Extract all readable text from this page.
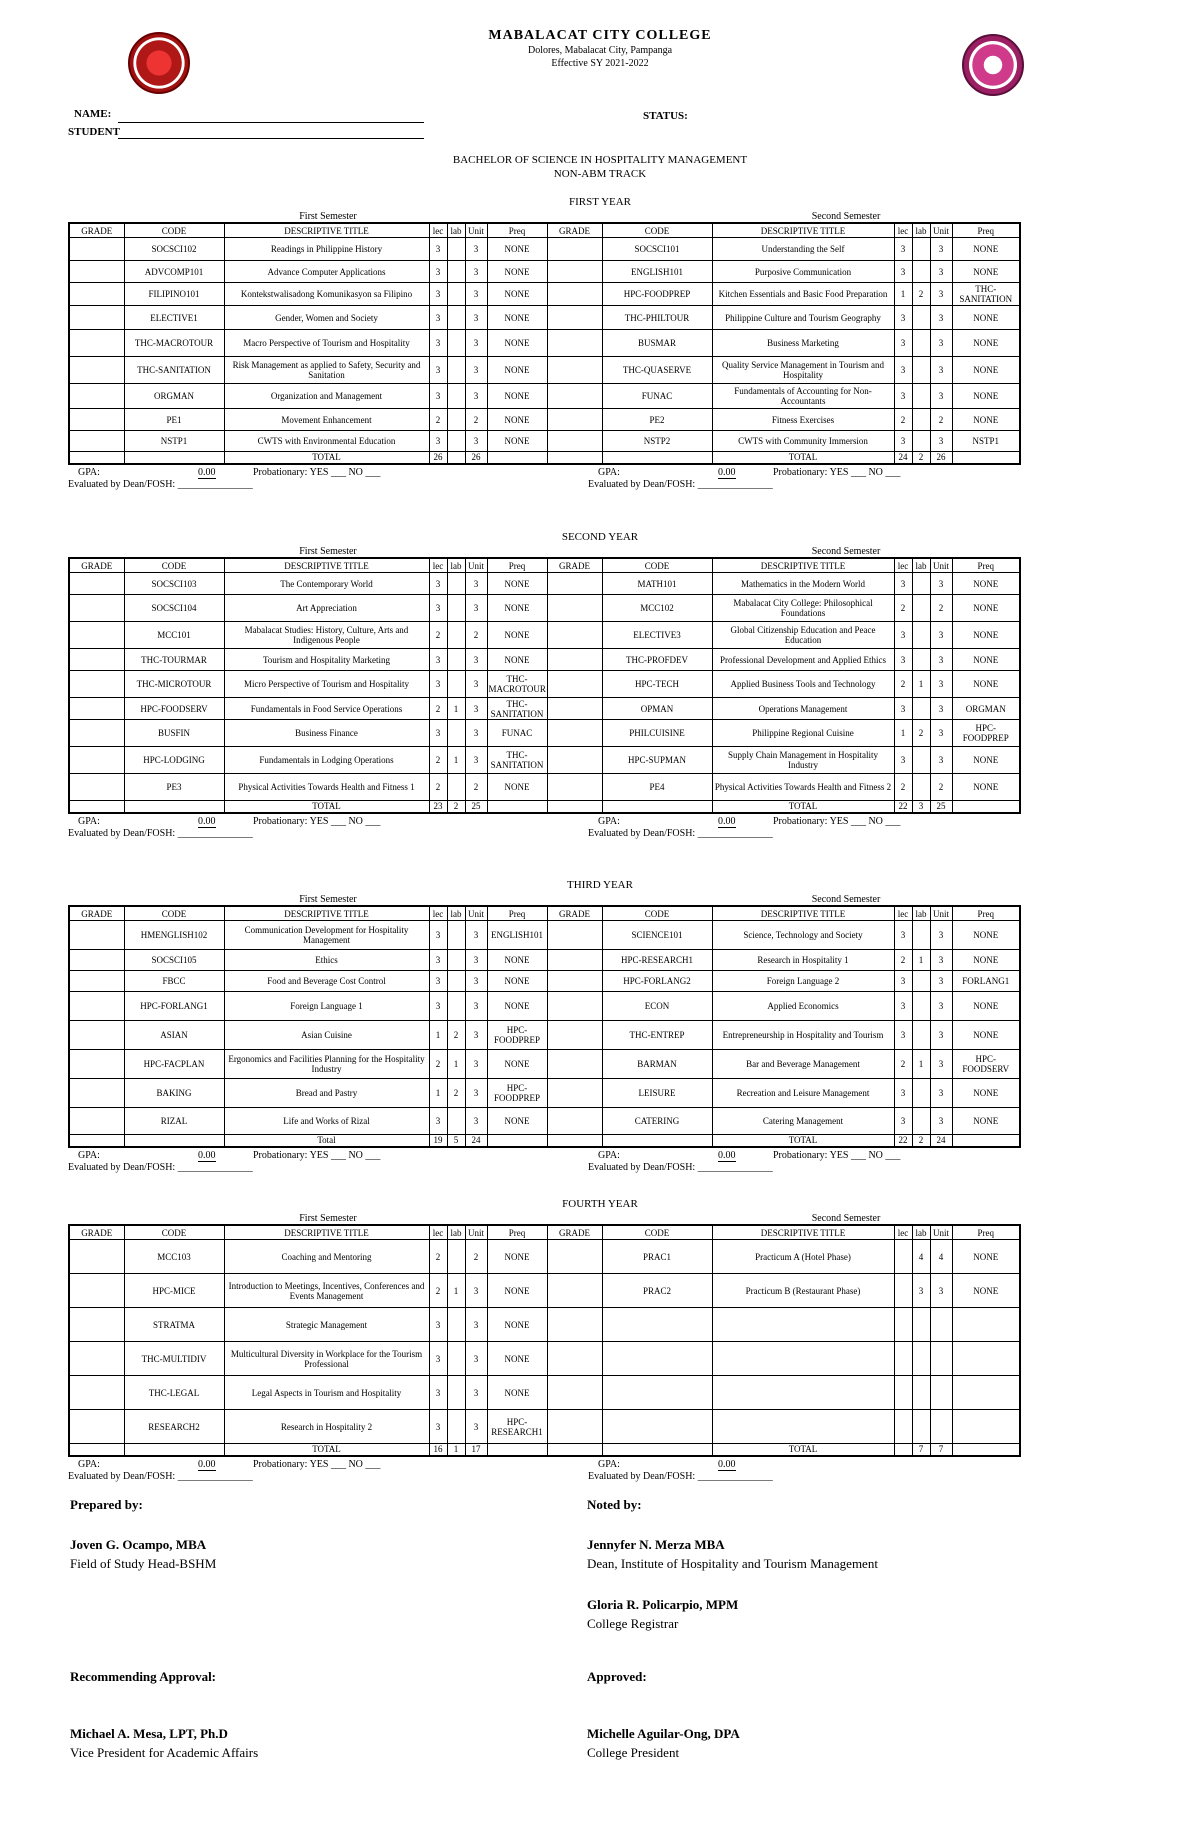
MABALACAT CITY COLLEGE
Dolores, Mabalacat City, Pampanga
Effective SY 2021-2022
NAME:
STUDENT
STATUS:
BACHELOR OF SCIENCE IN HOSPITALITY MANAGEMENT
NON-ABM TRACK
FIRST YEAR
First Semester	Second Semester
GRADE	CODE	DESCRIPTIVE TITLE	lec	lab	Unit	Preq	GRADE	CODE	DESCRIPTIVE TITLE	lec	lab	Unit	Preq
	SOCSCI102	Readings in Philippine History	3		3	NONE		SOCSCI101	Understanding the Self	3		3	NONE
	ADVCOMP101	Advance Computer Applications	3		3	NONE		ENGLISH101	Purposive Communication	3		3	NONE
	FILIPINO101	Kontekstwalisadong Komunikasyon sa Filipino	3		3	NONE		HPC-FOODPREP	Kitchen Essentials and Basic Food Preparation	1	2	3	THC-SANITATION
	ELECTIVE1	Gender, Women and Society	3		3	NONE		THC-PHILTOUR	Philippine Culture and Tourism Geography	3		3	NONE
	THC-MACROTOUR	Macro Perspective of Tourism and Hospitality	3		3	NONE		BUSMAR	Business Marketing	3		3	NONE
	THC-SANITATION	Risk Management as applied to Safety, Security and Sanitation	3		3	NONE		THC-QUASERVE	Quality Service Management in Tourism and Hospitality	3		3	NONE
	ORGMAN	Organization and Management	3		3	NONE		FUNAC	Fundamentals of Accounting for Non-Accountants	3		3	NONE
	PE1	Movement Enhancement	2		2	NONE		PE2	Fitness Exercises	2		2	NONE
	NSTP1	CWTS with Environmental Education	3		3	NONE		NSTP2	CWTS with Community Immersion	3		3	NSTP1
		TOTAL	26		26				TOTAL	24	2	26	
GPA:	0.00	Probationary: YES ___ NO ___
Evaluated by Dean/FOSH: _______________
GPA:	0.00	Probationary: YES ___ NO ___
Evaluated by Dean/FOSH: _______________
SECOND YEAR
First Semester	Second Semester
GRADE	CODE	DESCRIPTIVE TITLE	lec	lab	Unit	Preq	GRADE	CODE	DESCRIPTIVE TITLE	lec	lab	Unit	Preq
	SOCSCI103	The Contemporary World	3		3	NONE		MATH101	Mathematics in the Modern World	3		3	NONE
	SOCSCI104	Art Appreciation	3		3	NONE		MCC102	Mabalacat City College: Philosophical Foundations	2		2	NONE
	MCC101	Mabalacat Studies: History, Culture, Arts and Indigenous People	2		2	NONE		ELECTIVE3	Global Citizenship Education and Peace Education	3		3	NONE
	THC-TOURMAR	Tourism and Hospitality Marketing	3		3	NONE		THC-PROFDEV	Professional Development and Applied Ethics	3		3	NONE
	THC-MICROTOUR	Micro Perspective of Tourism and Hospitality	3		3	THC-MACROTOUR		HPC-TECH	Applied Business Tools and Technology	2	1	3	NONE
	HPC-FOODSERV	Fundamentals in Food Service Operations	2	1	3	THC-SANITATION		OPMAN	Operations Management	3		3	ORGMAN
	BUSFIN	Business Finance	3		3	FUNAC		PHILCUISINE	Philippine Regional Cuisine	1	2	3	HPC-FOODPREP
	HPC-LODGING	Fundamentals in Lodging Operations	2	1	3	THC-SANITATION		HPC-SUPMAN	Supply Chain Management in Hospitality Industry	3		3	NONE
	PE3	Physical Activities Towards Health and Fitness 1	2		2	NONE		PE4	Physical Activities Towards Health and Fitness 2	2		2	NONE
		TOTAL	23	2	25				TOTAL	22	3	25	
GPA:	0.00	Probationary: YES ___ NO ___
Evaluated by Dean/FOSH: _______________
GPA:	0.00	Probationary: YES ___ NO ___
Evaluated by Dean/FOSH: _______________
THIRD YEAR
First Semester	Second Semester
GRADE	CODE	DESCRIPTIVE TITLE	lec	lab	Unit	Preq	GRADE	CODE	DESCRIPTIVE TITLE	lec	lab	Unit	Preq
	HMENGLISH102	Communication Development for Hospitality Management	3		3	ENGLISH101		SCIENCE101	Science, Technology and Society	3		3	NONE
	SOCSCI105	Ethics	3		3	NONE		HPC-RESEARCH1	Research in Hospitality 1	2	1	3	NONE
	FBCC	Food and Beverage Cost Control	3		3	NONE		HPC-FORLANG2	Foreign Language 2	3		3	FORLANG1
	HPC-FORLANG1	Foreign Language 1	3		3	NONE		ECON	Applied Economics	3		3	NONE
	ASIAN	Asian Cuisine	1	2	3	HPC-FOODPREP		THC-ENTREP	Entrepreneurship in Hospitality and Tourism	3		3	NONE
	HPC-FACPLAN	Ergonomics and Facilities Planning for the Hospitality Industry	2	1	3	NONE		BARMAN	Bar and Beverage Management	2	1	3	HPC-FOODSERV
	BAKING	Bread and Pastry	1	2	3	HPC-FOODPREP		LEISURE	Recreation and Leisure Management	3		3	NONE
	RIZAL	Life and Works of Rizal	3		3	NONE		CATERING	Catering Management	3		3	NONE
		Total	19	5	24				TOTAL	22	2	24	
GPA:	0.00	Probationary: YES ___ NO ___
Evaluated by Dean/FOSH: _______________
GPA:	0.00	Probationary: YES ___ NO ___
Evaluated by Dean/FOSH: _______________
FOURTH YEAR
First Semester	Second Semester
GRADE	CODE	DESCRIPTIVE TITLE	lec	lab	Unit	Preq	GRADE	CODE	DESCRIPTIVE TITLE	lec	lab	Unit	Preq
	MCC103	Coaching and Mentoring	2		2	NONE		PRAC1	Practicum A (Hotel Phase)		4	4	NONE
	HPC-MICE	Introduction to Meetings, Incentives, Conferences and Events Management	2	1	3	NONE		PRAC2	Practicum B (Restaurant Phase)		3	3	NONE
	STRATMA	Strategic Management	3		3	NONE							
	THC-MULTIDIV	Multicultural Diversity in Workplace for the Tourism Professional	3		3	NONE							
	THC-LEGAL	Legal Aspects in Tourism and Hospitality	3		3	NONE							
	RESEARCH2	Research in Hospitality 2	3		3	HPC-RESEARCH1							
		TOTAL	16	1	17				TOTAL		7	7	
GPA:	0.00	Probationary: YES ___ NO ___
Evaluated by Dean/FOSH: _______________
GPA:	0.00
Evaluated by Dean/FOSH: _______________
Prepared by:
Joven G. Ocampo, MBA
Field of Study Head-BSHM
Noted by:
Jennyfer N. Merza MBA
Dean, Institute of Hospitality and Tourism Management
Gloria R. Policarpio, MPM
College Registrar
Recommending Approval:
Michael A. Mesa, LPT, Ph.D
Vice President for Academic Affairs
Approved:
Michelle Aguilar-Ong, DPA
College President
